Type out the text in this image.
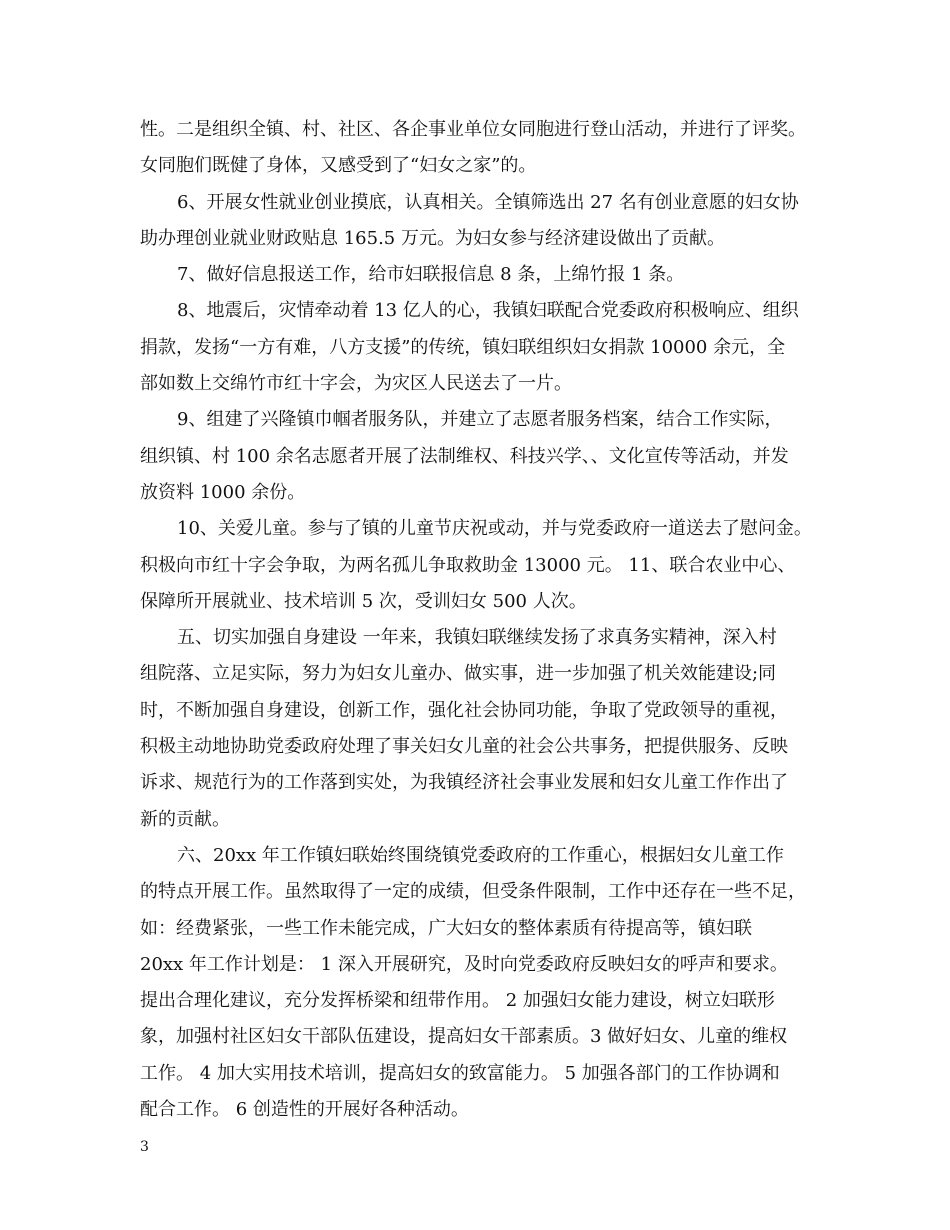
性。二是组织全镇、村、社区、各企事业单位女同胞进行登山活动，并进行了评奖。
女同胞们既健了身体，又感受到了“妇女之家”的。

6、开展女性就业创业摸底，认真相关。全镇筛选出 27 名有创业意愿的妇女协
助办理创业就业财政贴息 165.5 万元。为妇女参与经济建设做出了贡献。

7、做好信息报送工作，给市妇联报信息 8 条，上绵竹报 1 条。

8、地震后，灾情牵动着 13 亿人的心，我镇妇联配合党委政府积极响应、组织
捐款，发扬“一方有难，八方支援”的传统，镇妇联组织妇女捐款 10000 余元，全
部如数上交绵竹市红十字会，为灾区人民送去了一片。

9、组建了兴隆镇巾帼者服务队，并建立了志愿者服务档案，结合工作实际，
组织镇、村 100 余名志愿者开展了法制维权、科技兴学、、文化宣传等活动，并发
放资料 1000 余份。

10、关爱儿童。参与了镇的儿童节庆祝或动，并与党委政府一道送去了慰问金。
积极向市红十字会争取，为两名孤儿争取救助金 13000 元。 11、联合农业中心、
保障所开展就业、技术培训 5 次，受训妇女 500 人次。

五、切实加强自身建设 一年来，我镇妇联继续发扬了求真务实精神，深入村
组院落、立足实际，努力为妇女儿童办、做实事，进一步加强了机关效能建设;同
时，不断加强自身建设，创新工作，强化社会协同功能，争取了党政领导的重视，
积极主动地协助党委政府处理了事关妇女儿童的社会公共事务，把提供服务、反映
诉求、规范行为的工作落到实处，为我镇经济社会事业发展和妇女儿童工作作出了
新的贡献。

六、20xx 年工作镇妇联始终围绕镇党委政府的工作重心，根据妇女儿童工作
的特点开展工作。虽然取得了一定的成绩，但受条件限制，工作中还存在一些不足，
如：经费紧张，一些工作未能完成，广大妇女的整体素质有待提高等，镇妇联
20xx 年工作计划是： 1 深入开展研究，及时向党委政府反映妇女的呼声和要求。
提出合理化建议，充分发挥桥梁和纽带作用。 2 加强妇女能力建设，树立妇联形
象，加强村社区妇女干部队伍建设，提高妇女干部素质。3 做好妇女、儿童的维权
工作。 4 加大实用技术培训，提高妇女的致富能力。 5 加强各部门的工作协调和
配合工作。 6 创造性的开展好各种活动。

3
